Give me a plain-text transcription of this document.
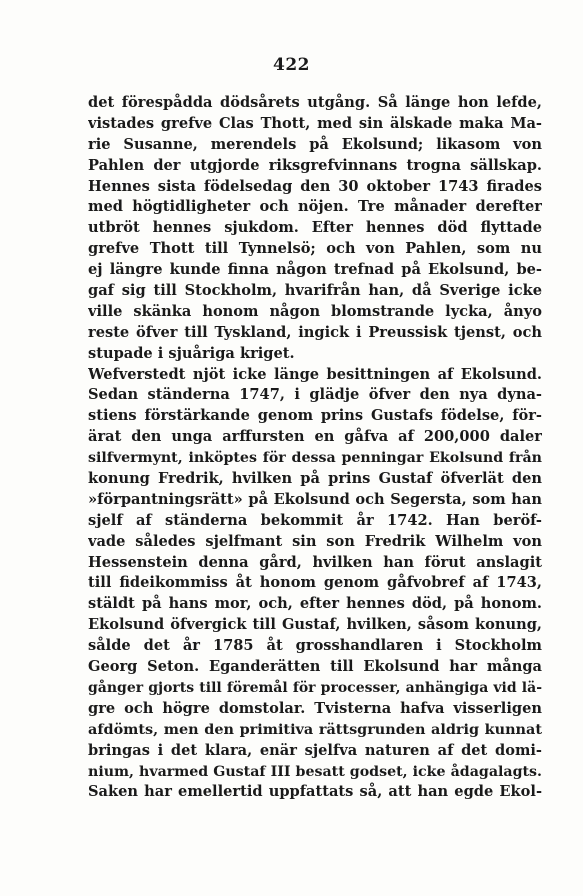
422
det förespådda dödsårets utgång. Så länge hon lefde,
vistades grefve Clas Thott, med sin älskade maka Ma-
rie Susanne, merendels på Ekolsund; likasom von
Pahlen der utgjorde riksgrefvinnans trogna sällskap.
Hennes sista födelsedag den 30 oktober 1743 firades
med högtidligheter och nöjen. Tre månader derefter
utbröt hennes sjukdom. Efter hennes död flyttade
grefve Thott till Tynnelsö; och von Pahlen, som nu
ej längre kunde finna någon trefnad på Ekolsund, be-
gaf sig till Stockholm, hvarifrån han, då Sverige icke
ville skänka honom någon blomstrande lycka, ånyo
reste öfver till Tyskland, ingick i Preussisk tjenst, och
stupade i sjuåriga kriget.
Wefverstedt njöt icke länge besittningen af Ekolsund.
Sedan ständerna 1747, i glädje öfver den nya dyna-
stiens förstärkande genom prins Gustafs födelse, för-
ärat den unga arffursten en gåfva af 200,000 daler
silfvermynt, inköptes för dessa penningar Ekolsund från
konung Fredrik, hvilken på prins Gustaf öfverlät den
»förpantningsrätt» på Ekolsund och Segersta, som han
sjelf af ständerna bekommit år 1742. Han beröf-
vade således sjelfmant sin son Fredrik Wilhelm von
Hessenstein denna gård, hvilken han förut anslagit
till fideikommiss åt honom genom gåfvobref af 1743,
stäldt på hans mor, och, efter hennes död, på honom.
Ekolsund öfvergick till Gustaf, hvilken, såsom konung,
sålde det år 1785 åt grosshandlaren i Stockholm
Georg Seton. Eganderätten till Ekolsund har många
gånger gjorts till föremål för processer, anhängiga vid lä-
gre och högre domstolar. Tvisterna hafva visserligen
afdömts, men den primitiva rättsgrunden aldrig kunnat
bringas i det klara, enär sjelfva naturen af det domi-
nium, hvarmed Gustaf III besatt godset, icke ådagalagts.
Saken har emellertid uppfattats så, att han egde Ekol-
